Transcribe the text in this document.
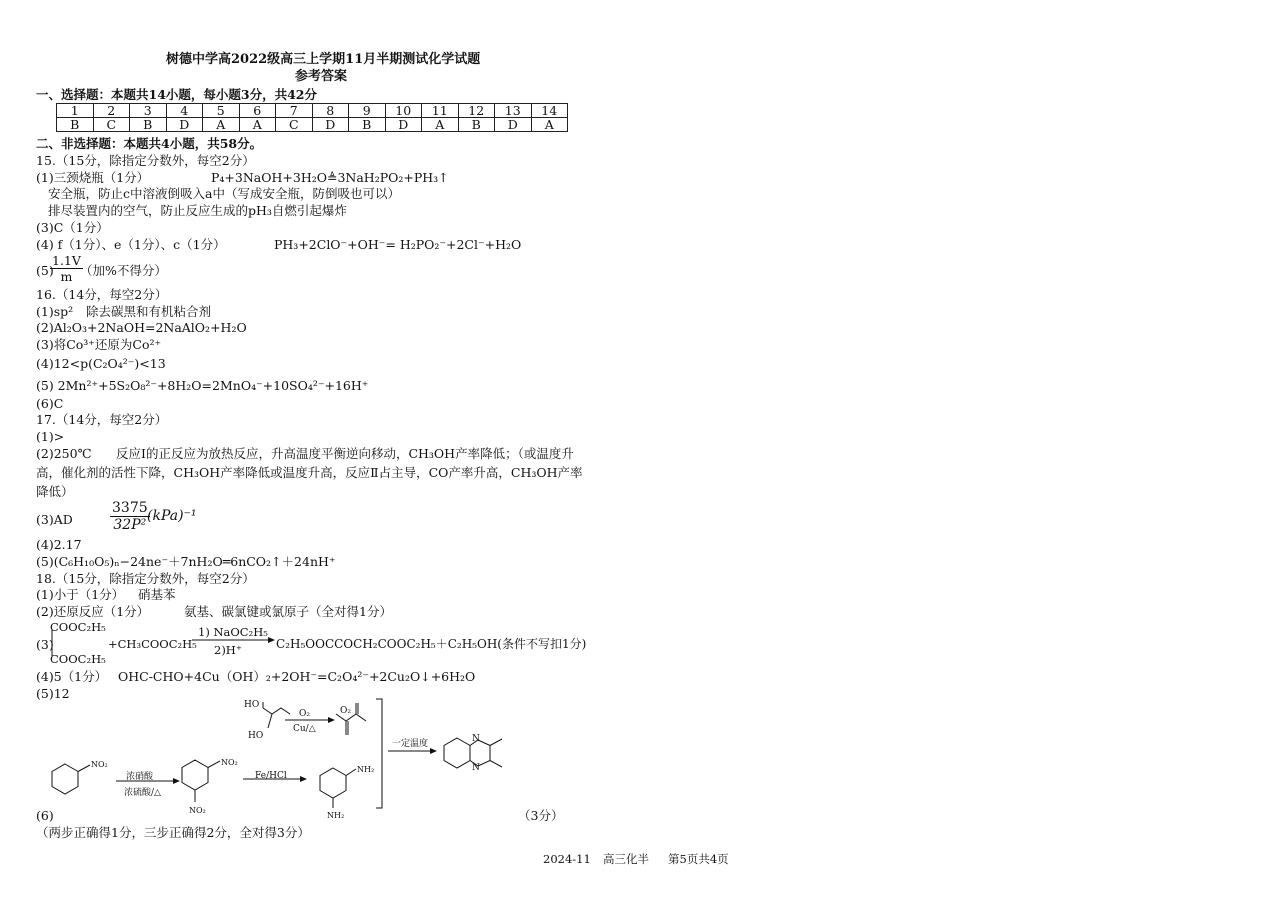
树德中学高2022级高三上学期11月半期测试化学试题
参考答案
一、选择题：本题共14小题，每小题3分，共42分
1	2	3	4	5	6	7	8	9	10	11	12	13	14
B	C	B	D	A	A	C	D	B	D	A	B	D	A
二、非选择题：本题共4小题，共58分。
15.（15分，除指定分数外，每空2分）
(1)三颈烧瓶（1分）	P₄+3NaOH+3H₂O≜3NaH₂PO₂+PH₃↑
安全瓶，防止c中溶液倒吸入a中（写成安全瓶，防倒吸也可以）
排尽装置内的空气，防止反应生成的pH₃自燃引起爆炸
(3)C（1分）
(4) f（1分）、e（1分）、c（1分）	PH₃+2ClO⁻+OH⁻= H₂PO₂⁻+2Cl⁻+H₂O
(5)
$\frac{1.1V}{m}$
（加%不得分）
16.（14分，每空2分）
(1)sp² 除去碳黑和有机粘合剂
(2)Al₂O₃+2NaOH=2NaAlO₂+H₂O
(3)将Co³⁺还原为Co²⁺
(4)12<p(C₂O₄²⁻)<13
(5) 2Mn²⁺+5S₂O₈²⁻+8H₂O=2MnO₄⁻+10SO₄²⁻+16H⁺
(6)C
17.（14分，每空2分）
(1)>
(2)250℃ 反应Ⅰ的正反应为放热反应，升高温度平衡逆向移动，CH₃OH产率降低；（或温度升
高，催化剂的活性下降，CH₃OH产率降低或温度升高，反应Ⅱ占主导，CO产率升高，CH₃OH产率
降低）
(3)AD	$\frac{3375}{\text{32P²}}$
(kPa)⁻¹
(4)2.17
(5)(C₆H₁₀O₅)ₙ−24ne⁻＋7nH₂O═6nCO₂↑＋24nH⁺
18.（15分，除指定分数外，每空2分）
(1)小于（1分） 硝基苯
(2)还原反应（1分）	氨基、碳氯键或氯原子（全对得1分）
(3)
COOC₂H₅
COOC₂H₅
+CH₃COOC₂H₅
1) NaOC₂H₅
2)H⁺	C₂H₅OOCCOCH₂COOC₂H₅＋C₂H₅OH(条件不写扣1分)
(4)5（1分） OHC-CHO+4Cu（OH）₂+2OH⁻=C₂O₄²⁻+2Cu₂O↓+6H₂O
(5)12
HO
HO
O₂
Cu/△
O₂
一定温度	N
N
NO₂
浓硝酸
浓硫酸/△
NO₂
NO₂
Fe/HCl
NH₂
NH₂
(6)	（3分）
（两步正确得1分，三步正确得2分，全对得3分）
2024-11 高三化半 第5页共4页
